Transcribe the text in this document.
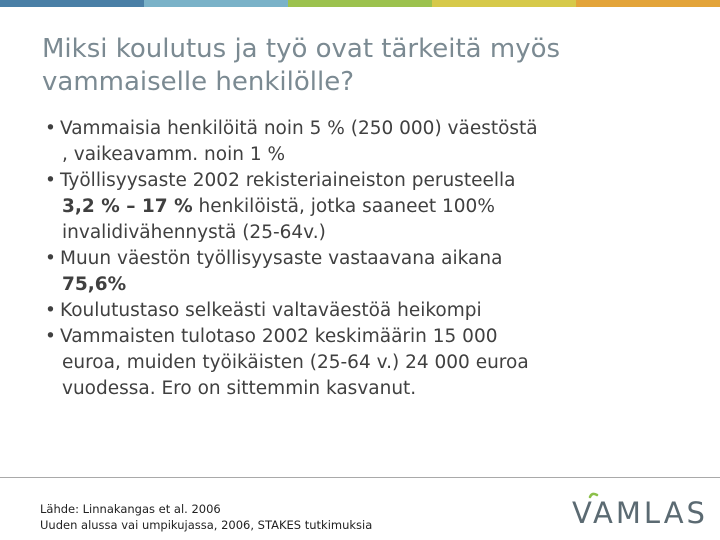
Miksi koulutus ja työ ovat tärkeitä myös
vammaiselle henkilölle?
• Vammaisia henkilöitä noin 5 % (250 000) väestöstä
, vaikeavamm. noin 1 %
• Työllisyysaste 2002 rekisteriaineiston perusteella
3,2 % – 17 % henkilöistä, jotka saaneet 100%
invalidivähennystä (25-64v.)
• Muun väestön työllisyysaste vastaavana aikana
75,6%
• Koulutustaso selkeästi valtaväestöä heikompi
• Vammaisten tulotaso 2002 keskimäärin 15 000
euroa, muiden työikäisten (25-64 v.) 24 000 euroa
vuodessa. Ero on sittemmin kasvanut.
Lähde: Linnakangas et al. 2006
Uuden alussa vai umpikujassa, 2006, STAKES tutkimuksia	VAMLAS
